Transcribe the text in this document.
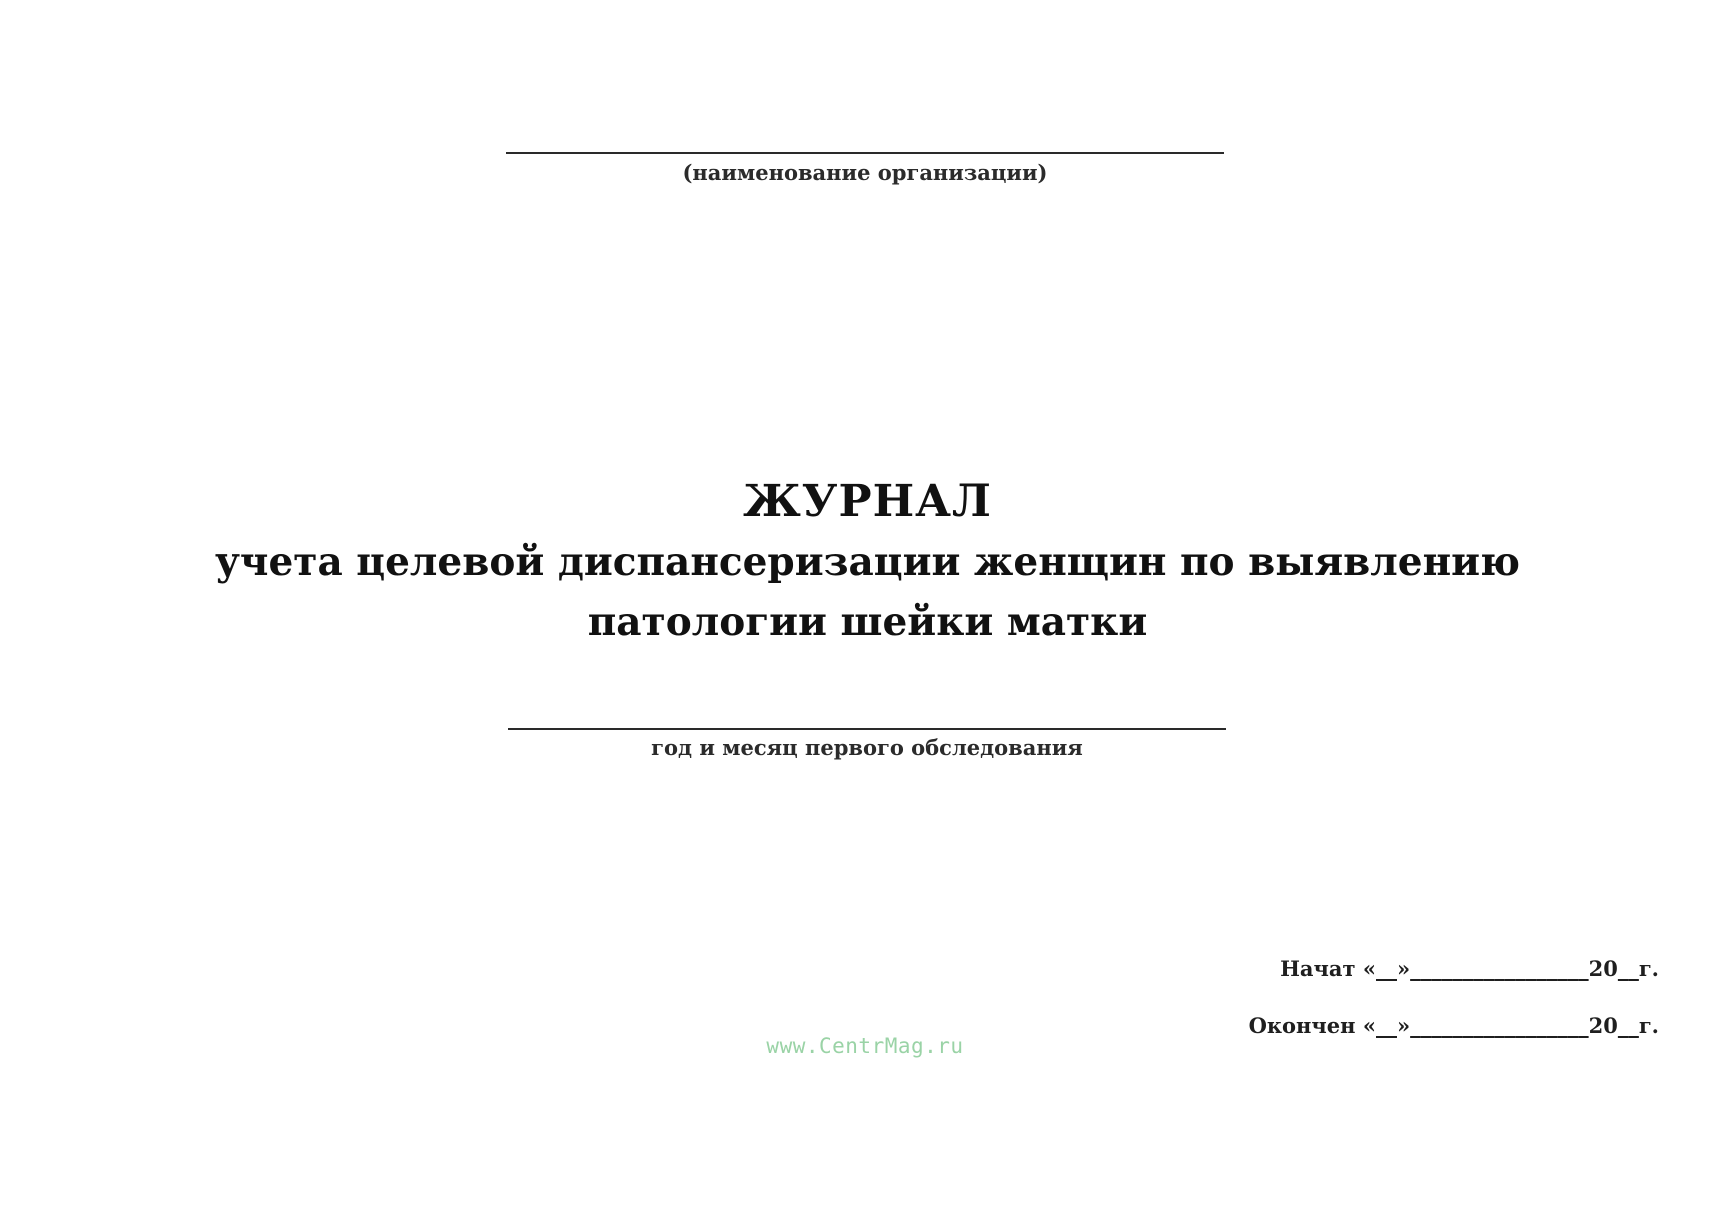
(наименование организации)
ЖУРНАЛ
учета целевой диспансеризации женщин по выявлению
патологии шейки матки
год и месяц первого обследования
Начат «__»_________________20__г.
Окончен «__»_________________20__г.
www.CentrMag.ru
